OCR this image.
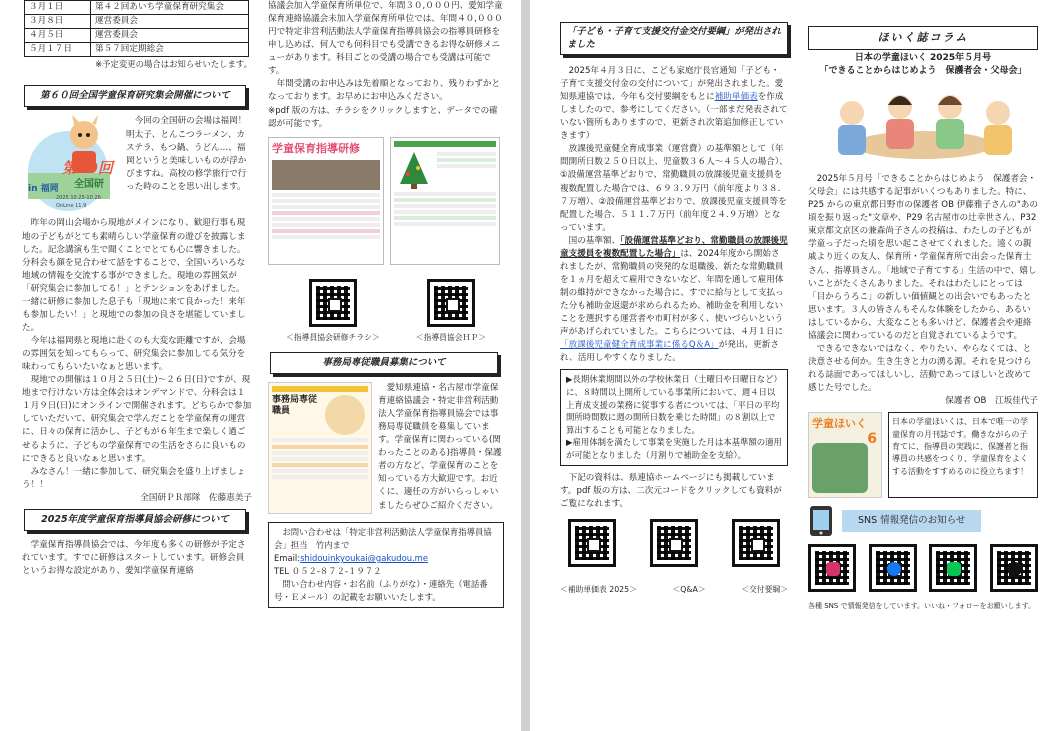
３月１日	第４２回あいち学童保育研究集会
３月８日	運営委員会
４月５日	運営委員会
５月１７日	第５７回定期総会
※予定変更の場合はお知らせいたします。
第６０回全国学童保育研究集会開催について
第60回
全国研
in 福岡
2025.10.25-10.26 OnLine 11.9
今回の全国研の会場は福岡！明太子、とんこつラーメン、カステラ、もつ鍋、うどん…、福岡というと美味しいものが浮かびますね。高校の修学旅行で行った時のことを思い出します。
昨年の岡山会場から現地がメインになり、歓迎行事も現地の子どもがとても素晴らしい学童保育の遊びを披露しました。記念講演も生で聞くことでとても心に響きました。分科会も顔を見合わせて話をすることで、全国いろいろな地域の情報を交流する事ができました。現地の雰囲気が「研究集会に参加してる！」とテンションをあげました。一緒に研修に参加した息子も「現地に来て良かった！来年も参加したい！」と現地での参加の良さを堪能していました。
今年は福岡県と現地に赴くのも大変な距離ですが、会場の雰囲気を知ってもらって、研究集会に参加してる気分を味わってもらいたいなぁと思います。
現地での開催は１０月２５日(土)～２６日(日)ですが、現地まで行けない方は全体会はオンデマンドで、分科会は１１月９日(日)にオンラインで開催されます。どちらかで参加していただいて、研究集会で学んだことを学童保育の運営に、日々の保育に活かし、子どもが６年生まで楽しく過ごせるように、子どもの学童保育での生活をさらに良いものにできると良いなぁと思います。
みなさん！一緒に参加して、研究集会を盛り上げましょう！！
全国研ＰＲ部隊　佐藤恵美子
2025年度学童保育指導員協会研修について
学童保育指導員協会では、今年度も多くの研修が予定されています。すでに研修はスタートしています。研修会員というお得な設定があり、愛知学童保育連絡
協議会加入学童保育所単位で、年間３０,０００円、愛知学童保育連絡協議会未加入学童保育所単位では、年間４０,０００円で特定非営利活動法人学童保育指導員協会の指導員研修を申し込めば、何人でも何科目でも受講できるお得な研修メニューがあります。科目ごとの受講の場合でも受講は可能です。
年間受講のお申込みは先着順となっており、残りわずかとなっております。お早めにお申込みください。
※pdf 版の方は、チラシをクリックしますと、データでの確認が可能です。
学童保育指導研修
＜指導員協会研修チラシ＞	＜指導員協会ＨＰ＞
事務局専従職員募集について
事務局専従職員
愛知県連協・名古屋市学童保育連絡協議会・特定非営利活動法人学童保育指導員協会では事務局専従職員を募集しています。学童保育に関わっている(関わったことのある)指導員・保護者の方など、学童保育のことを知っている方大歓迎です。お近くに、適任の方がいらっしゃいましたらぜひご紹介ください。
お問い合わせは「特定非営利活動法人学童保育指導員協会」担当　竹内まで
Email:shidouinkyoukai@gakudou.me
TEL ０５２-８７２-１９７２
問い合わせ内容・お名前（ふりがな）・連絡先（電話番号・Ｅメール）の記載をお願いいたします。
「子ども・子育て支援交付金交付要綱」が発出されました
2025年４月３日に、こども家庭庁長官通知「子ども・子育て支援交付金の交付について」が発出されました。愛知県連協では、今年も交付要綱をもとに補助単価表を作成しましたので、参考にしてください。（一部まだ発表されていない箇所もありますので、更新され次第追加修正していきます）
放課後児童健全育成事業（運営費）の基準額として（年間開所日数２５０日以上、児童数３６人～４５人の場合）、①設備運営基準どおりで、常勤職員の放課後児童支援員を複数配置した場合では、６９３.９万円（前年度より３８.７万増）、②設備運営基準どおりで、放課後児童支援員等を配置した場合、５１１.７万円（前年度２４.９万増）となっています。
国の基準額、「設備運営基準どおり、常勤職員の放課後児童支援員を複数配置した場合」は、2024年度から開始されましたが、常勤職員の突発的な退職後、新たな常勤職員を１ヵ月を超えて雇用できないなど、年間を通して雇用体制の維持ができなかった場合に、すでに給与として支払った分も補助金返還が求められるため、補助金を利用しないことを選択する運営者や市町村が多く、使いづらいという声があげられていました。こちらについては、４月１日に「放課後児童健全育成事業に係るQ＆A」が発出、更新され、活用しやすくなりました。
▶長期休業期間以外の学校休業日（土曜日や日曜日など）に、８時間以上開所している事業所において、週４日以上育成支援の業務に従事する者については、「平日の平均開所時間数に週の開所日数を乗じた時間」の８割以上で算出することも可能となりました。
▶雇用体制を満たして事業を実施した月は本基準額の適用が可能となりました（月割りで補助金を支給）。
下記の資料は、県連協ホームページにも掲載しています。pdf 版の方は、二次元コードをクリックしても資料がご覧になれます。
＜補助単価表 2025＞	＜Q&A＞	＜交付要綱＞
ほいく誌コラム
日本の学童ほいく 2025年５月号
「できることからはじめよう　保護者会・父母会」
2025年５月号「できることからはじめよう　保護者会・父母会」には共感する記事がいくつもありました。特に、P25 からの東京都日野市の保護者 OB 伊藤雅子さんの"あの頃を振り返った"文章や、P29 名古屋市の辻幸世さん、P32 東京都文京区の兼森尚子さんの投稿は、わたしの子どもが学童っ子だった頃を思い起こさせてくれました。遠くの親戚より近くの友人、保育所・学童保育所で出会った保育士さん、指導員さん。「地域で子育てする」生活の中で、嬉しいことがたくさんありました。それはわたしにとっては「目からうろこ」の新しい価値観との出会いでもあったと思います。３人の皆さんもそんな体験をしたから、あるいはしているから、大変なことも多いけど、保護者会や連絡協議会に関わっているのだと自覚されているようです。
できるできないではなく、やりたい、やらなくては、と決意させる何か。生き生きと力の湧る源。それを見つけられる誌面であってほしいし、活動であってほしいと改めて感じた号でした。
保護者 OB　江坂佳代子
学童ほいく
6
日本の学童ほいくは、日本で唯一の学童保育の月刊誌です。働きながらの子育てに、指導員の実践に、保護者と指導員の共感をつくり、学童保育をよくする活動をすすめるのに役立ちます！
SNS 情報発信のお知らせ
各種 SNS で情報発信をしています。いいね・フォローをお願いします。
